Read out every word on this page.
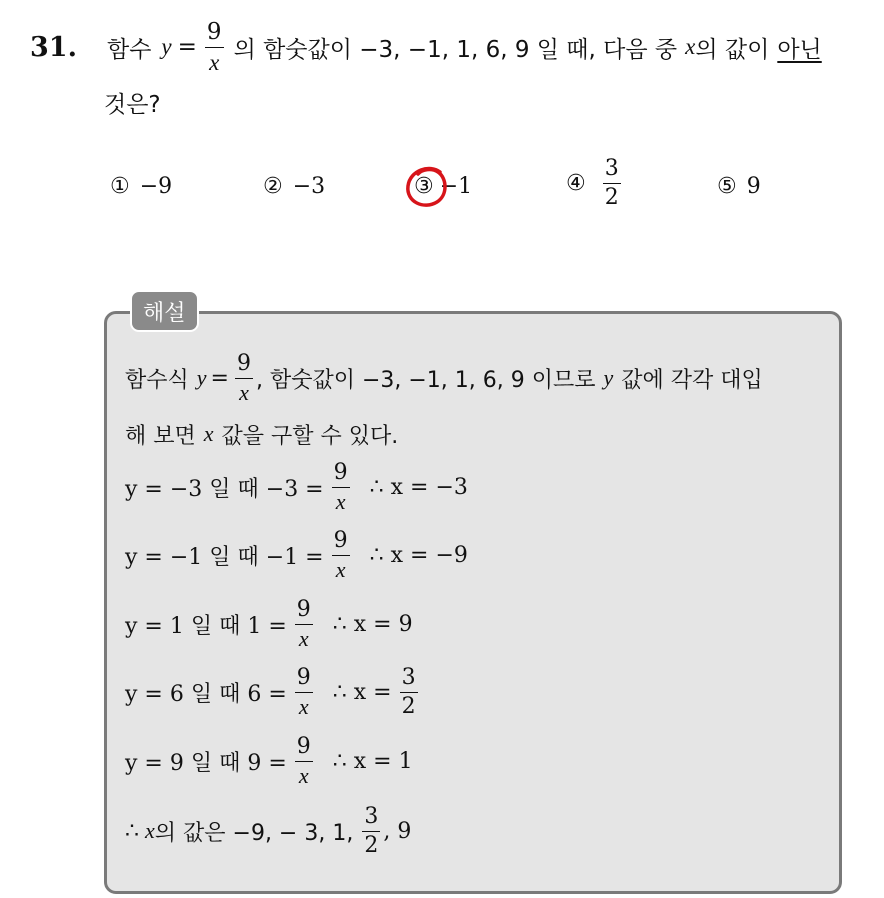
31. 함수 $y = \frac{9}{x}$ 의 함숫값이 −3, −1, 1, 6, 9 일 때, 다음 중 x 의 값이 아닌
것은?
① −9	② −3	③ −1	④ $\frac{3}{2}$	⑤ 9
해설
함수식 $y = \frac{9}{x}$ , 함숫값이 −3, −1, 1, 6, 9 이므로 y 값에 각각 대입
해 보면 x 값을 구할 수 있다.
y = −3 일 때 $-3 = \frac{9}{x}$ ∴ x = −3
y = −1 일 때 $-1 = \frac{9}{x}$ ∴ x = −9
y = 1 일 때 $1 = \frac{9}{x}$ ∴ x = 9
y = 6 일 때 $6 = \frac{9}{x}$ ∴ $x = \frac{3}{2}$
y = 9 일 때 $9 = \frac{9}{x}$ ∴ x = 1
∴ x 의 값은 −9, − 3, 1, $\frac{3}{2}$ , 9
